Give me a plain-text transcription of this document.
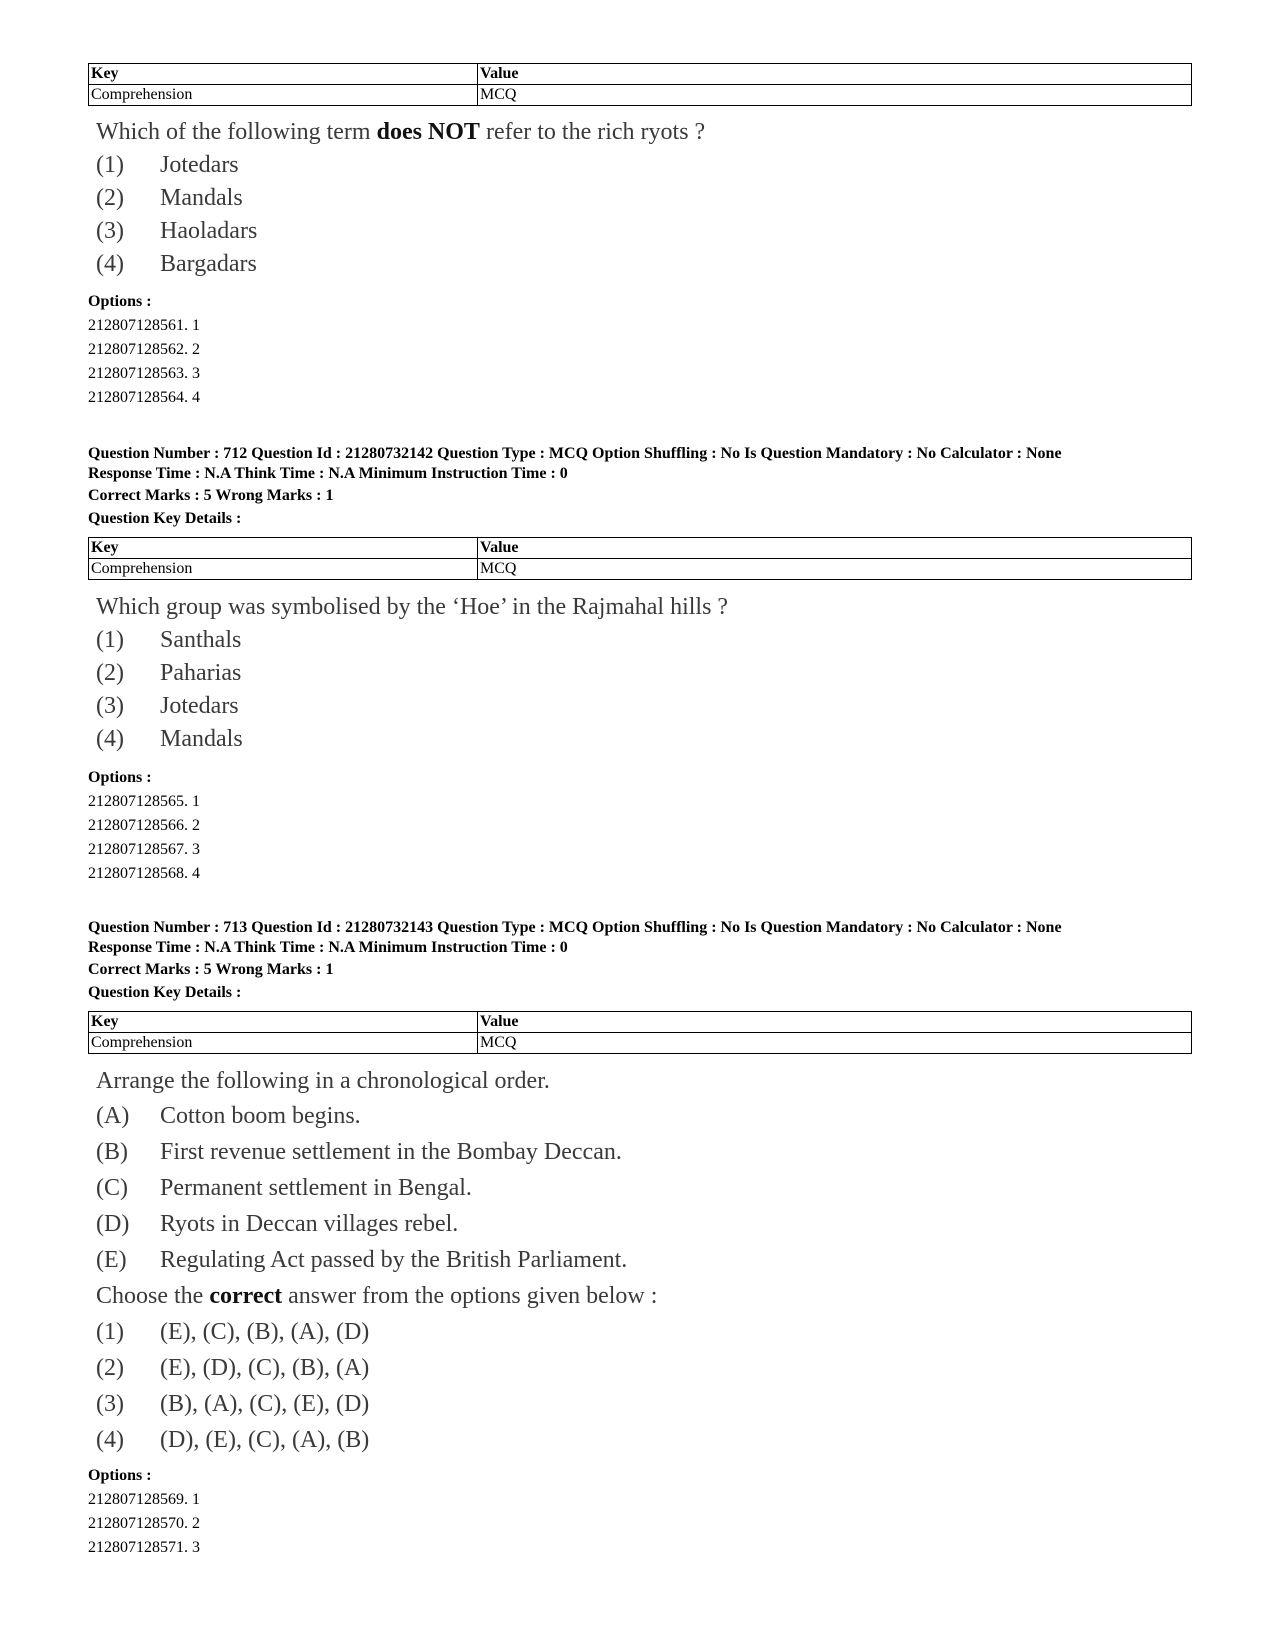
Key	Value
Comprehension	MCQ
Which of the following term does NOT refer to the rich ryots ?
(1) Jotedars
(2) Mandals
(3) Haoladars
(4) Bargadars
Options :
212807128561. 1
212807128562. 2
212807128563. 3
212807128564. 4
Question Number : 712 Question Id : 21280732142 Question Type : MCQ Option Shuffling : No Is Question Mandatory : No Calculator : None
Response Time : N.A Think Time : N.A Minimum Instruction Time : 0
Correct Marks : 5 Wrong Marks : 1
Question Key Details :
Key	Value
Comprehension	MCQ
Which group was symbolised by the ‘Hoe’ in the Rajmahal hills ?
(1) Santhals
(2) Paharias
(3) Jotedars
(4) Mandals
Options :
212807128565. 1
212807128566. 2
212807128567. 3
212807128568. 4
Question Number : 713 Question Id : 21280732143 Question Type : MCQ Option Shuffling : No Is Question Mandatory : No Calculator : None
Response Time : N.A Think Time : N.A Minimum Instruction Time : 0
Correct Marks : 5 Wrong Marks : 1
Question Key Details :
Key	Value
Comprehension	MCQ
Arrange the following in a chronological order.
(A) Cotton boom begins.
(B) First revenue settlement in the Bombay Deccan.
(C) Permanent settlement in Bengal.
(D) Ryots in Deccan villages rebel.
(E) Regulating Act passed by the British Parliament.
Choose the correct answer from the options given below :
(1) (E), (C), (B), (A), (D)
(2) (E), (D), (C), (B), (A)
(3) (B), (A), (C), (E), (D)
(4) (D), (E), (C), (A), (B)
Options :
212807128569. 1
212807128570. 2
212807128571. 3
